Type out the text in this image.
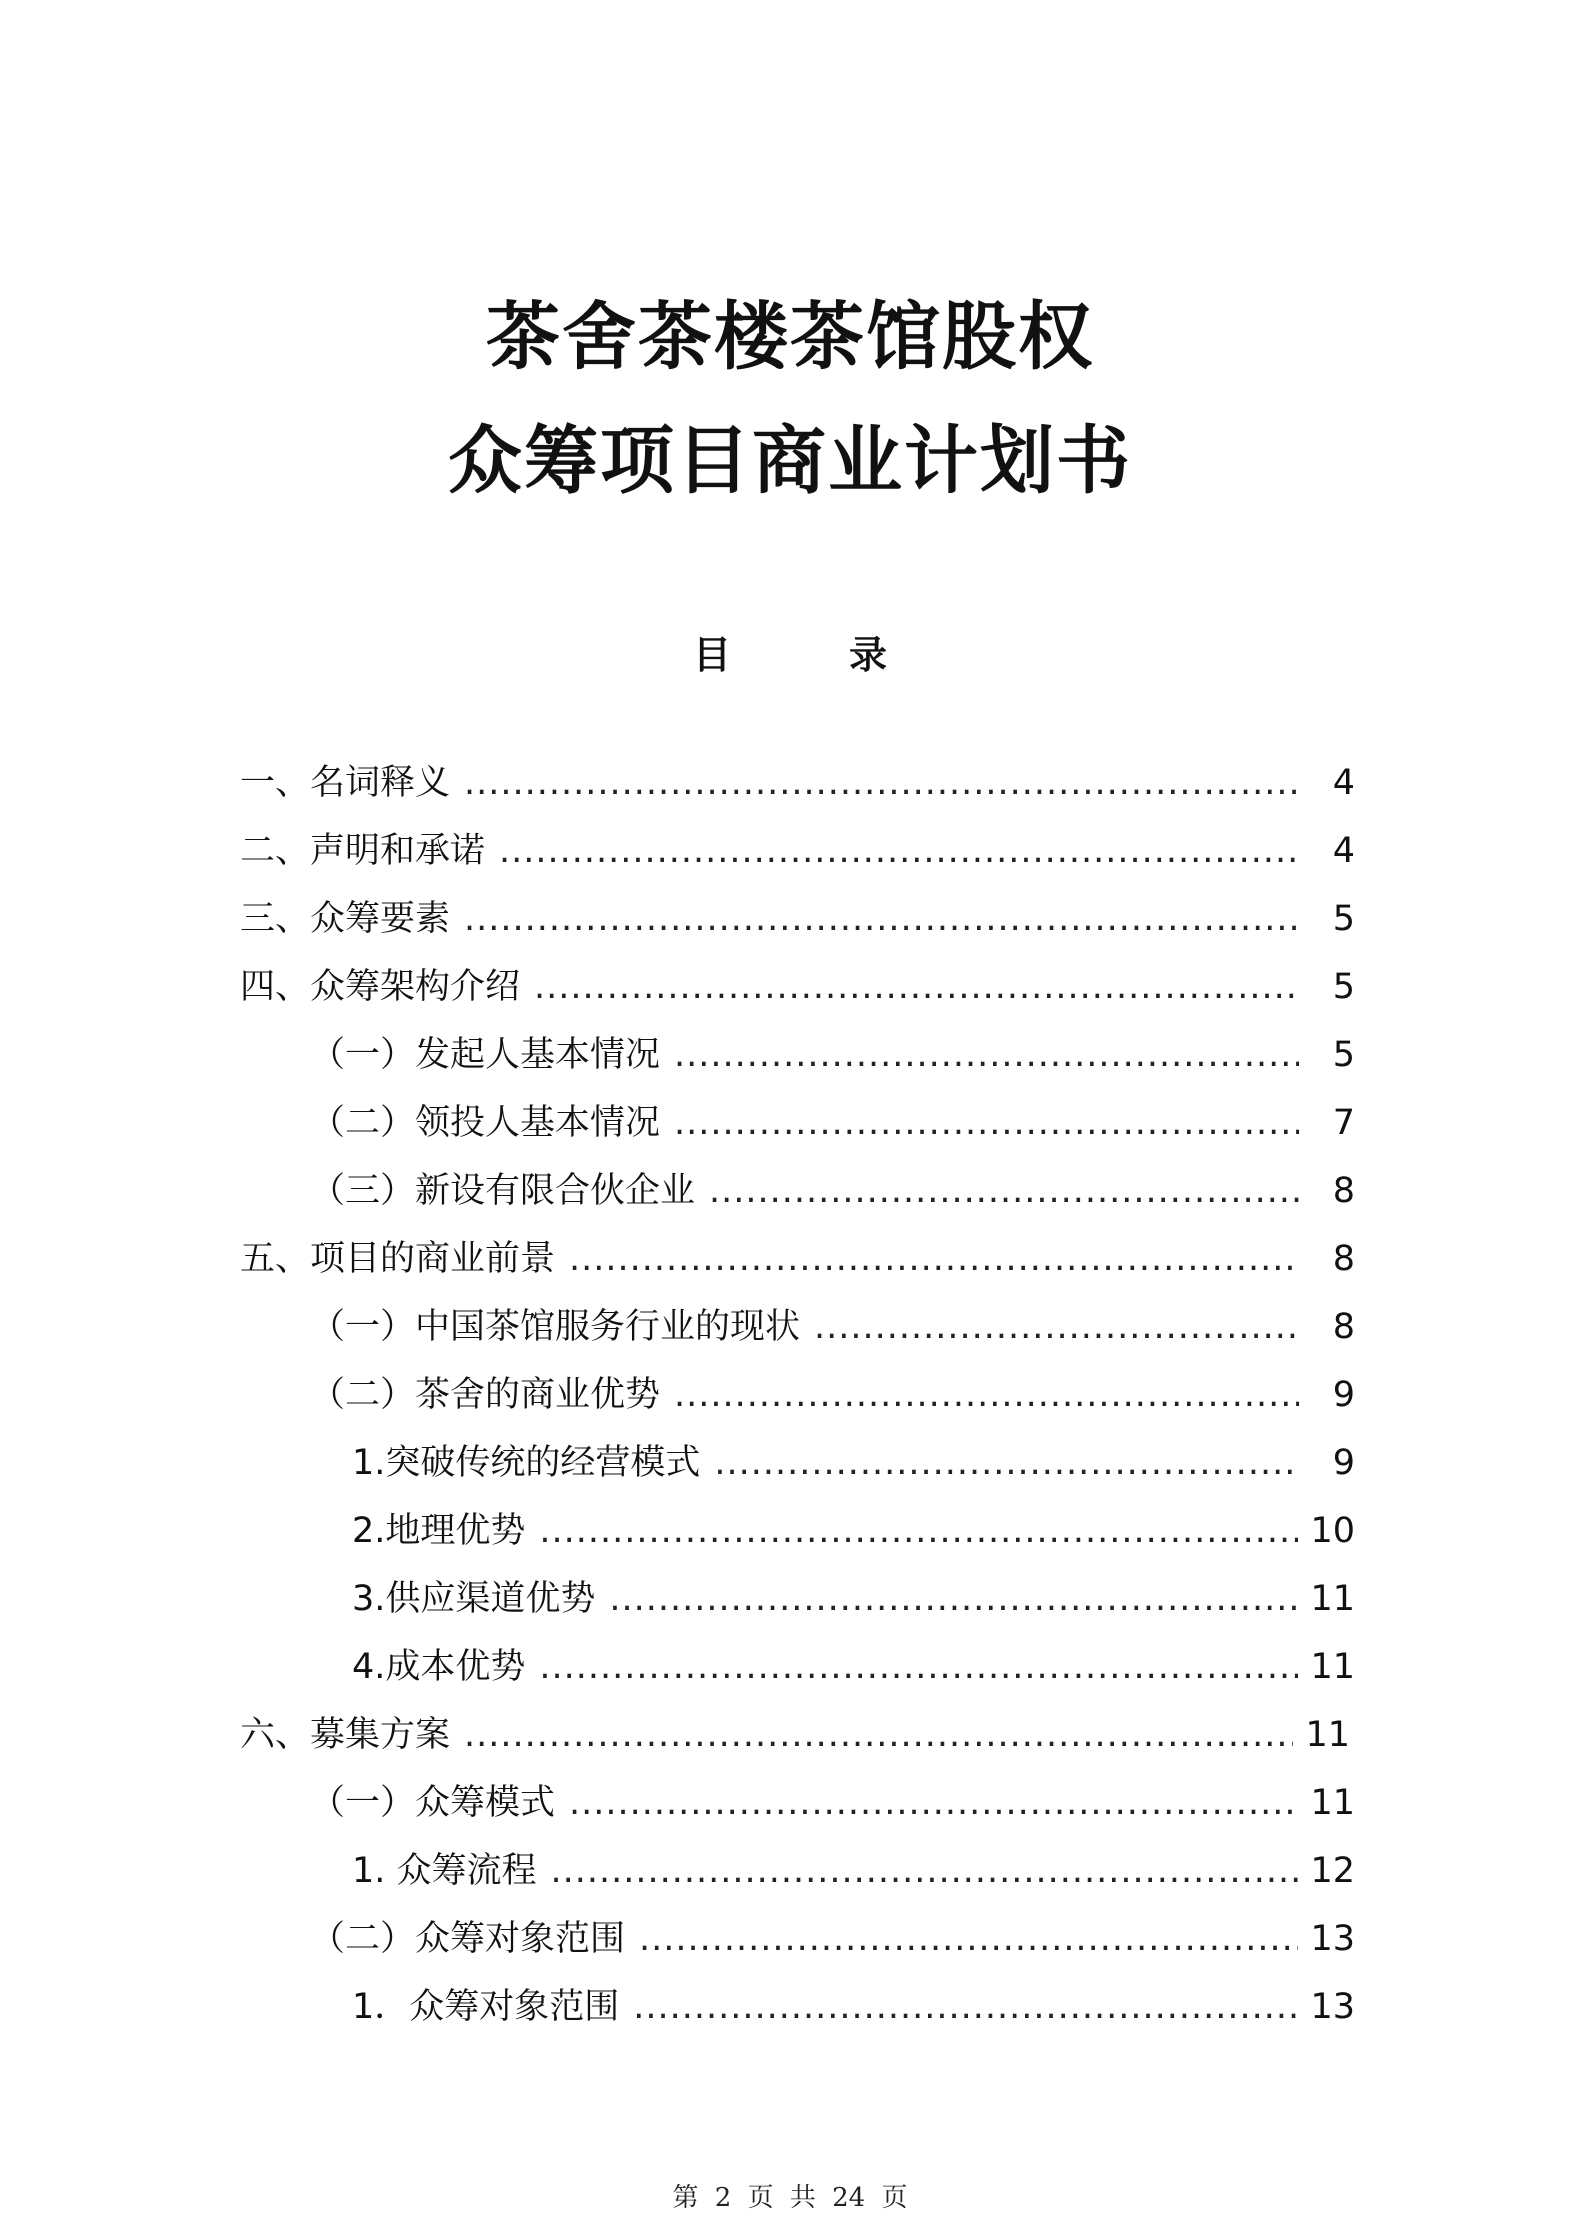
茶舍茶楼茶馆股权
众筹项目商业计划书
目　录
一、名词释义 .....	4
二、声明和承诺 .....	4
三、众筹要素 .....	5
四、众筹架构介绍 .....	5
（一）发起人基本情况 .....	5
（二）领投人基本情况 .....	7
（三）新设有限合伙企业 .....	8
五、项目的商业前景 .....	8
（一）中国茶馆服务行业的现状 .....	8
（二）茶舍的商业优势 .....	9
1.突破传统的经营模式 .....	9
2.地理优势 .....	10
3.供应渠道优势 .....	11
4.成本优势 .....	11
六、募集方案 .....	11
（一）众筹模式 .....	11
1. 众筹流程 .....	12
（二）众筹对象范围 .....	13
1．众筹对象范围 .....	13
第 2 页 共 24 页
